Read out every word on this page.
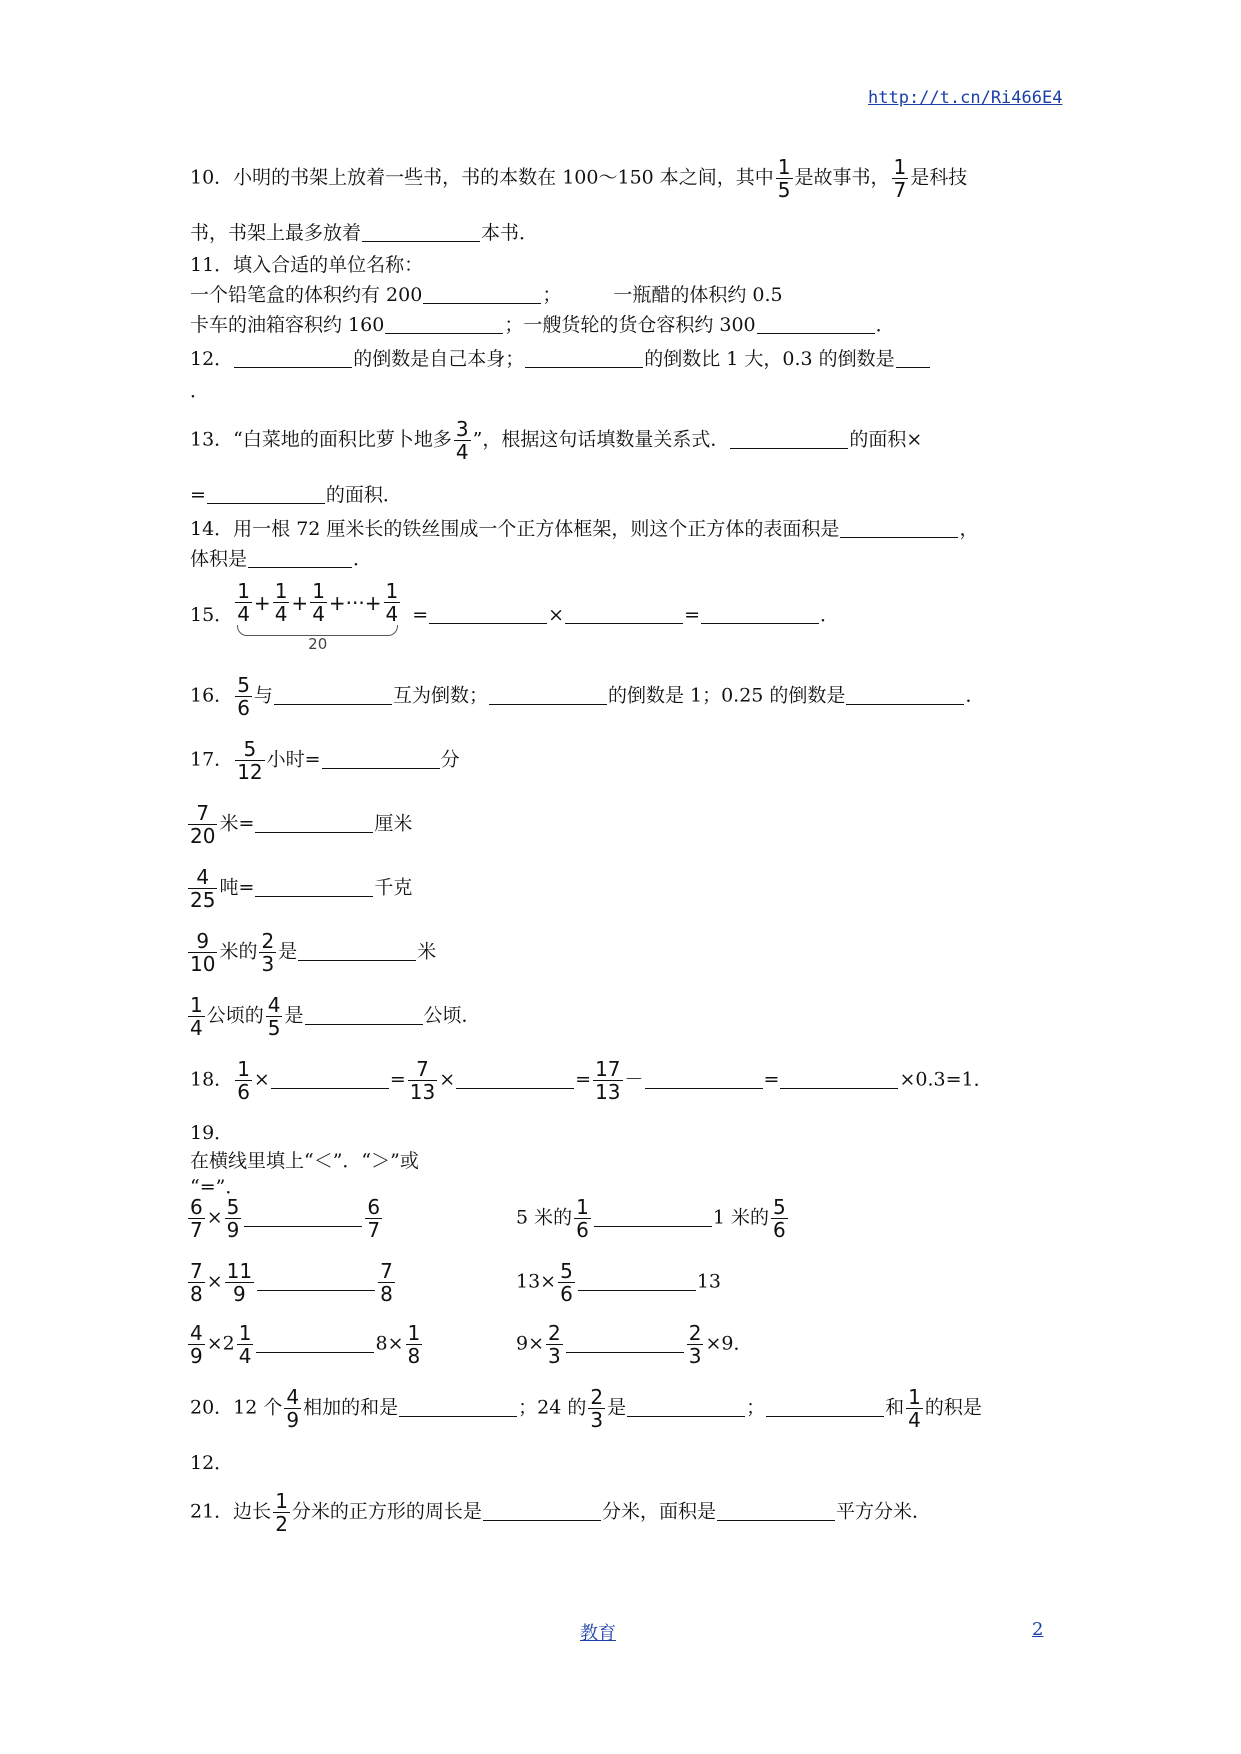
http://t.cn/Ri466E4
10．小明的书架上放着一些书，书的本数在 100～150 本之间，其中 $\frac{1}{5}$ 是故事书， $\frac{1}{7}$ 是科技
书，书架上最多放着	本书．
11．填入合适的单位名称：
一个铅笔盒的体积约有 200	；	一瓶醋的体积约 0.5
卡车的油箱容积约 160	；一艘货轮的货仓容积约 300	．
12．	的倒数是自己本身；	的倒数比 1 大，0.3 的倒数是
．
13．“白菜地的面积比萝卜地多 $\frac{3}{4}$ ”，根据这句话填数量关系式．	的面积×
=	的面积．
14．用一根 72 厘米长的铁丝围成一个正方体框架，则这个正方体的表面积是	，
体积是	．
15． $\frac{1}{4} + \frac{1}{4} + \frac{1}{4}$ +···+ $\frac{1}{4}$
20
=	×	=	．
16． $\frac{5}{6}$ 与	互为倒数；	的倒数是 1；0.25 的倒数是	．
17． $\frac{5}{12}$ 小时=	分
$\frac{7}{20}$ 米=	厘米
$\frac{4}{25}$ 吨=	千克
$\frac{9}{10}$ 米的 $\frac{2}{3}$ 是	米
$\frac{1}{4}$ 公顷的 $\frac{4}{5}$ 是	公顷．
18． $\frac{1}{6}$ ×	= $\frac{7}{13}$ ×	= $\frac{17}{13}$ －	=	×0.3=1．
19．
在横线里填上“＜”．“＞”或
“=”．
$\frac{6}{7} \times \frac{5}{9}$	$\frac{6}{7}$	5 米的 $\frac{1}{6}$	1 米的 $\frac{5}{6}$
$\frac{7}{8} \times \frac{11}{9}$	$\frac{7}{8}$	$13\times \frac{5}{6}$	13
$\frac{4}{9} \times 2 \frac{1}{4}$	$8\times \frac{1}{8}$	$9\times \frac{2}{3}$	$\frac{2}{3} \times 9$．
20．12 个 $\frac{4}{9}$ 相加的和是	；24 的 $\frac{2}{3}$ 是	；	和 $\frac{1}{4}$ 的积是
12．
21．边长 $\frac{1}{2}$ 分米的正方形的周长是	分米，面积是	平方分米．
教育	2
